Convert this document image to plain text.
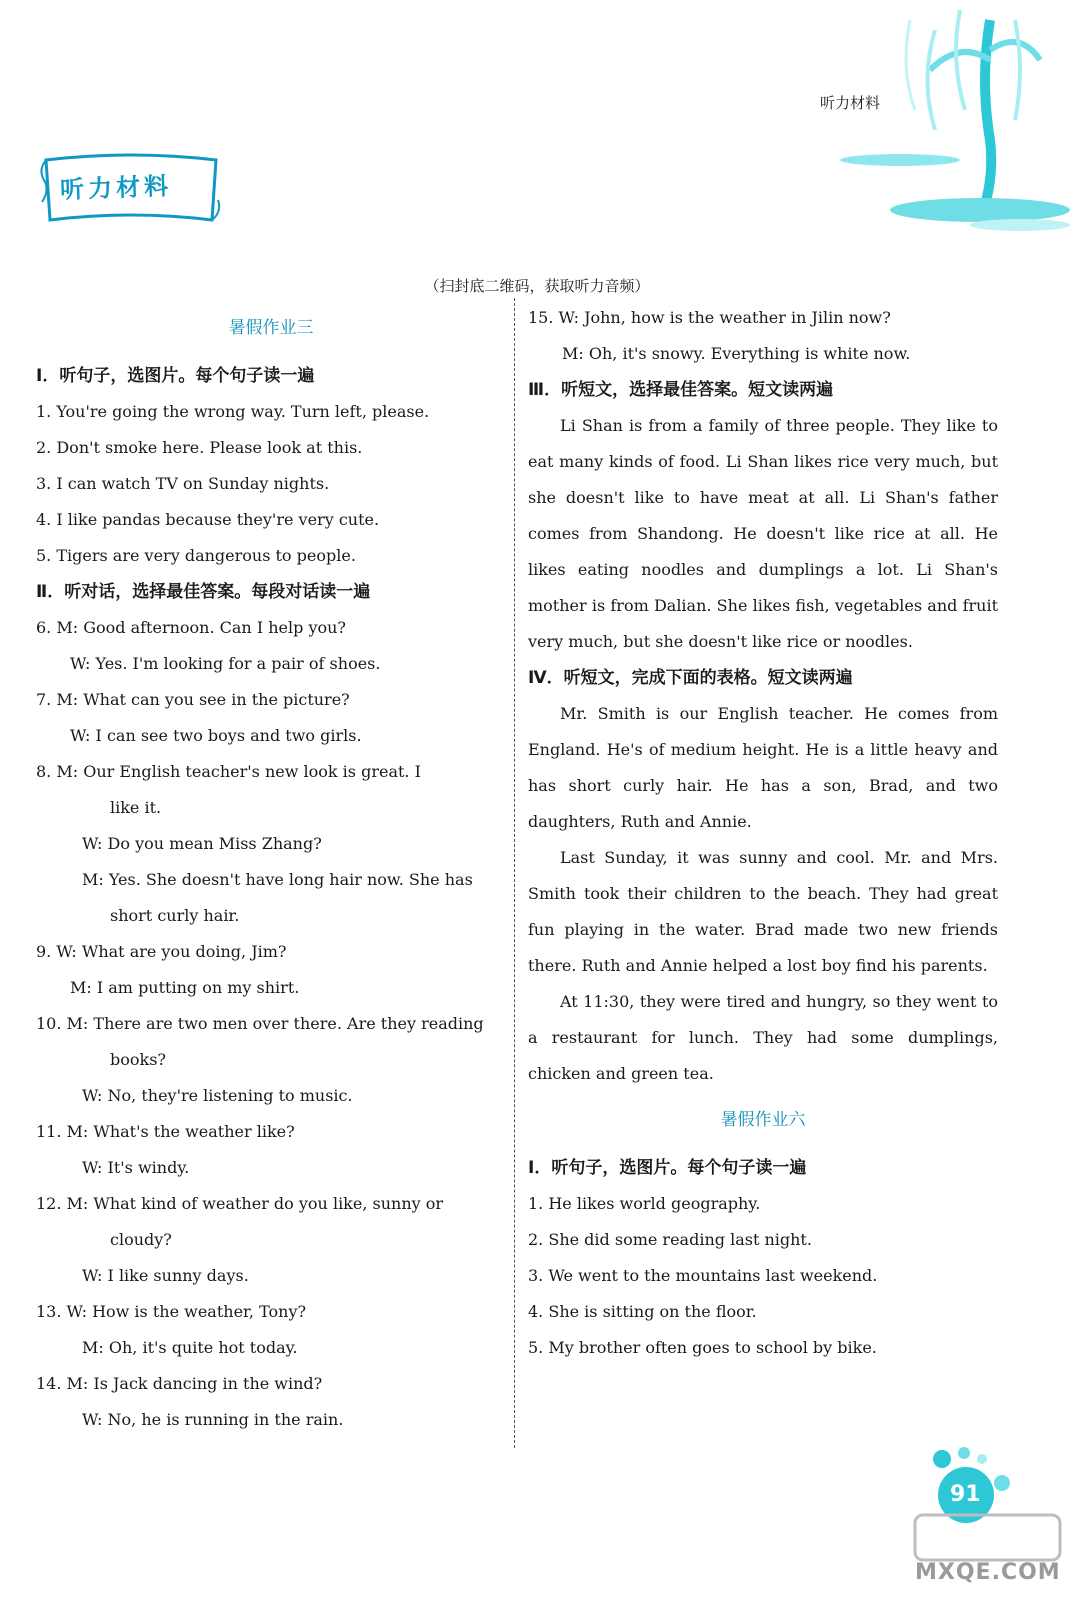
听力材料
听力材料
（扫封底二维码，获取听力音频）
暑假作业三
Ⅰ．听句子，选图片。每个句子读一遍
1. You're going the wrong way. Turn left, please.
2. Don't smoke here. Please look at this.
3. I can watch TV on Sunday nights.
4. I like pandas because they're very cute.
5. Tigers are very dangerous to people.
Ⅱ．听对话，选择最佳答案。每段对话读一遍
6. M: Good afternoon. Can I help you?
W: Yes. I'm looking for a pair of shoes.
7. M: What can you see in the picture?
W: I can see two boys and two girls.
8. M: Our English teacher's new look is great. I
like it.
W: Do you mean Miss Zhang?
M: Yes. She doesn't have long hair now. She has
short curly hair.
9. W: What are you doing, Jim?
M: I am putting on my shirt.
10. M: There are two men over there. Are they reading
books?
W: No, they're listening to music.
11. M: What's the weather like?
W: It's windy.
12. M: What kind of weather do you like, sunny or
cloudy?
W: I like sunny days.
13. W: How is the weather, Tony?
M: Oh, it's quite hot today.
14. M: Is Jack dancing in the wind?
W: No, he is running in the rain.
15. W: John, how is the weather in Jilin now?
M: Oh, it's snowy. Everything is white now.
Ⅲ．听短文，选择最佳答案。短文读两遍
Li Shan is from a family of three people. They like to eat many kinds of food. Li Shan likes rice very much, but she doesn't like to have meat at all. Li Shan's father comes from Shandong. He doesn't like rice at all. He likes eating noodles and dumplings a lot. Li Shan's mother is from Dalian. She likes fish, vegetables and fruit very much, but she doesn't like rice or noodles.
Ⅳ．听短文，完成下面的表格。短文读两遍
Mr. Smith is our English teacher. He comes from England. He's of medium height. He is a little heavy and has short curly hair. He has a son, Brad, and two daughters, Ruth and Annie.
Last Sunday, it was sunny and cool. Mr. and Mrs. Smith took their children to the beach. They had great fun playing in the water. Brad made two new friends there. Ruth and Annie helped a lost boy find his parents.
At 11:30, they were tired and hungry, so they went to a restaurant for lunch. They had some dumplings, chicken and green tea.
暑假作业六
Ⅰ．听句子，选图片。每个句子读一遍
1. He likes world geography.
2. She did some reading last night.
3. We went to the mountains last weekend.
4. She is sitting on the floor.
5. My brother often goes to school by bike.
91
MXQE.COM
